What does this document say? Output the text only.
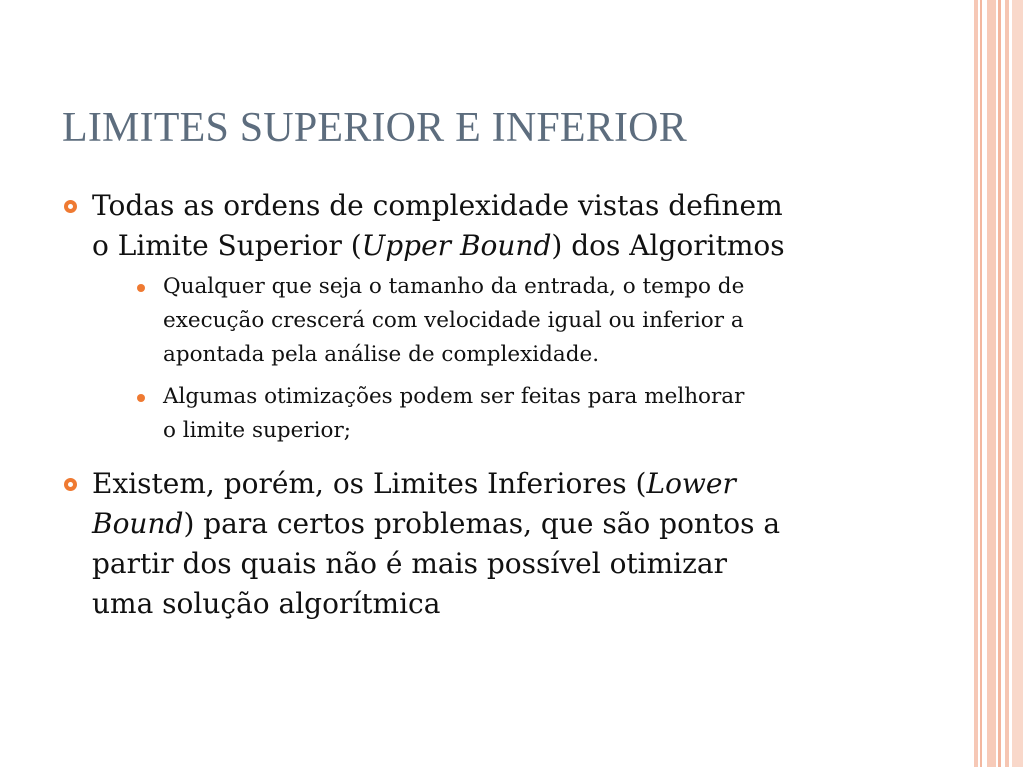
LIMITES SUPERIOR E INFERIOR
Todas as ordens de complexidade vistas definem
o Limite Superior (Upper Bound) dos Algoritmos
Qualquer que seja o tamanho da entrada, o tempo de
execução crescerá com velocidade igual ou inferior a
apontada pela análise de complexidade.
Algumas otimizações podem ser feitas para melhorar
o limite superior;
Existem, porém, os Limites Inferiores (Lower
Bound) para certos problemas, que são pontos a
partir dos quais não é mais possível otimizar
uma solução algorítmica
